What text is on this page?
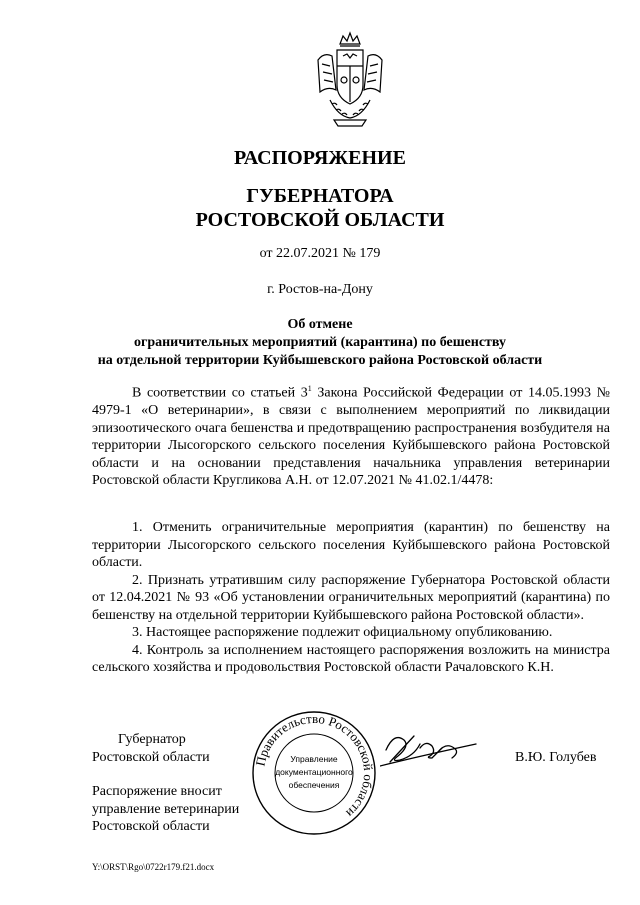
РАСПОРЯЖЕНИЕ
ГУБЕРНАТОРА
РОСТОВСКОЙ ОБЛАСТИ
от 22.07.2021 № 179
г. Ростов-на-Дону
Об отмене
ограничительных мероприятий (карантина) по бешенству
на отдельной территории Куйбышевского района Ростовской области

В соответствии со статьей $3^1$ Закона Российской Федерации от 14.05.1993 № 4979-1 «О ветеринарии», в связи с выполнением мероприятий по ликвидации эпизоотического очага бешенства и предотвращению распространения возбудителя на территории Лысогорского сельского поселения Куйбышевского района Ростовской области и на основании представления начальника управления ветеринарии Ростовской области Кругликова А.Н. от 12.07.2021 № 41.02.1/4478:

1. Отменить ограничительные мероприятия (карантин) по бешенству на территории Лысогорского сельского поселения Куйбышевского района Ростовской области.

2. Признать утратившим силу распоряжение Губернатора Ростовской области от 12.04.2021 № 93 «Об установлении ограничительных мероприятий (карантина) по бешенству на отдельной территории Куйбышевского района Ростовской области».

3. Настоящее распоряжение подлежит официальному опубликованию.

4. Контроль за исполнением настоящего распоряжения возложить на министра сельского хозяйства и продовольствия Ростовской области Рачаловского К.Н.

Губернатор
Ростовской области	В.Ю. Голубев
Правительство Ростовской области
Управление
документационного
обеспечения
Распоряжение вносит
управление ветеринарии
Ростовской области
Y:\ORST\Rgo\0722r179.f21.docx
